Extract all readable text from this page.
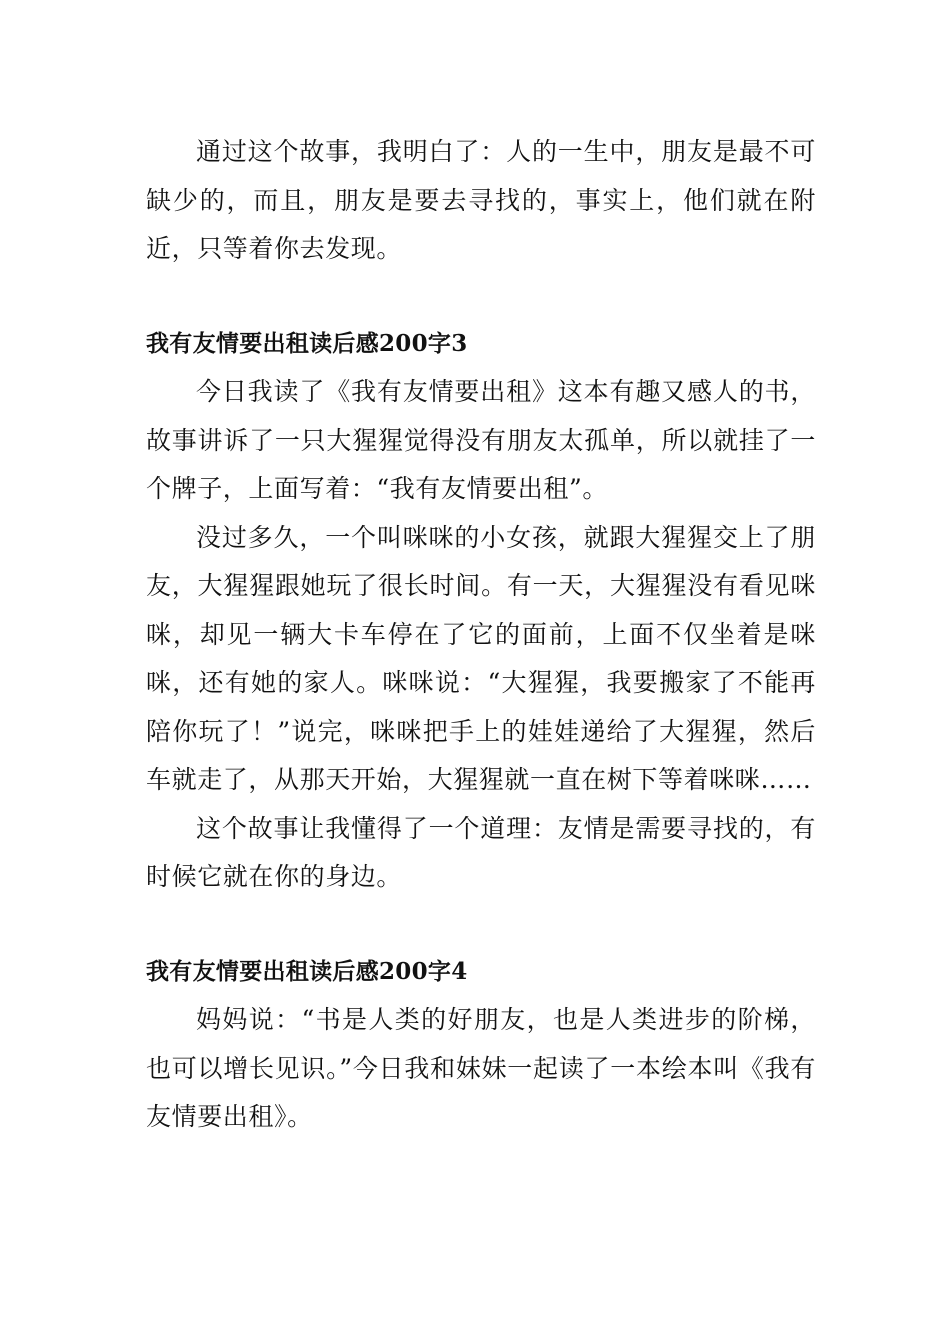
通过这个故事，我明白了：人的一生中，朋友是最不可缺少的，而且，朋友是要去寻找的，事实上，他们就在附近，只等着你去发现。

我有友情要出租读后感200字3

今日我读了《我有友情要出租》这本有趣又感人的书，故事讲诉了一只大猩猩觉得没有朋友太孤单，所以就挂了一个牌子，上面写着：“我有友情要出租”。

没过多久，一个叫咪咪的小女孩，就跟大猩猩交上了朋友，大猩猩跟她玩了很长时间。有一天，大猩猩没有看见咪咪，却见一辆大卡车停在了它的面前，上面不仅坐着是咪咪，还有她的家人。咪咪说：“大猩猩，我要搬家了不能再陪你玩了！”说完，咪咪把手上的娃娃递给了大猩猩，然后车就走了，从那天开始，大猩猩就一直在树下等着咪咪……

这个故事让我懂得了一个道理：友情是需要寻找的，有时候它就在你的身边。

我有友情要出租读后感200字4

妈妈说：“书是人类的好朋友，也是人类进步的阶梯，也可以增长见识。”今日我和妹妹一起读了一本绘本叫《我有友情要出租》。
